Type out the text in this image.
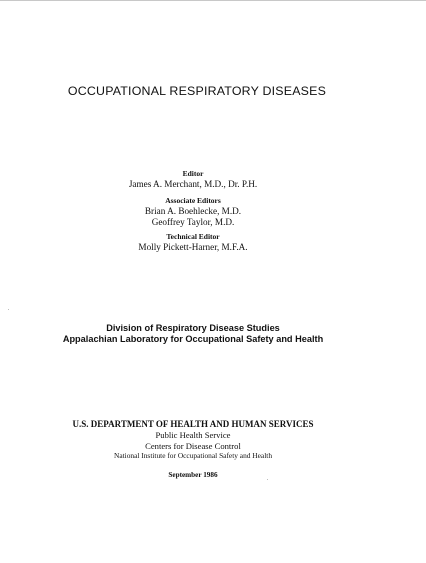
OCCUPATIONAL RESPIRATORY DISEASES
Editor
James A. Merchant, M.D., Dr. P.H.
Associate Editors
Brian A. Boehlecke, M.D.
Geoffrey Taylor, M.D.
Technical Editor
Molly Pickett-Harner, M.F.A.
Division of Respiratory Disease Studies
Appalachian Laboratory for Occupational Safety and Health
U.S. DEPARTMENT OF HEALTH AND HUMAN SERVICES
Public Health Service
Centers for Disease Control
National Institute for Occupational Safety and Health
September 1986
